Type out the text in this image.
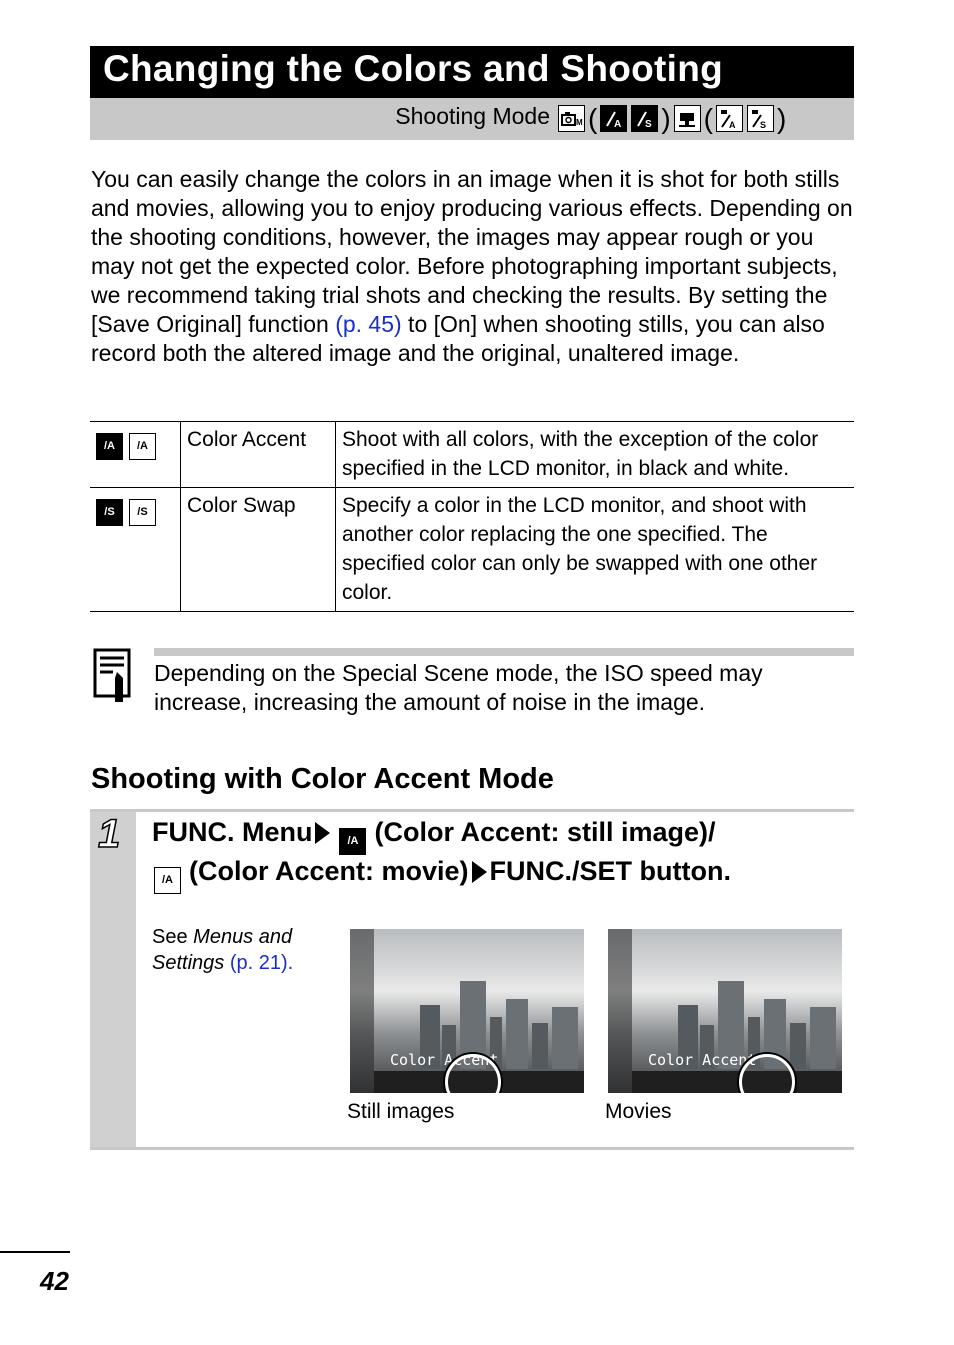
Changing the Colors and Shooting
Shooting Mode	M ( A S ) ( A	S )
You can easily change the colors in an image when it is shot for both stills and movies, allowing you to enjoy producing various effects. Depending on the shooting conditions, however, the images may appear rough or you may not get the expected color. Before photographing important subjects, we recommend taking trial shots and checking the results. By setting the [Save Original] function (p. 45) to [On] when shooting stills, you can also record both the altered image and the original, unaltered image.
/A /A	Color Accent	Shoot with all colors, with the exception of the color specified in the LCD monitor, in black and white.
/S /S	Color Swap	Specify a color in the LCD monitor, and shoot with another color replacing the one specified. The specified color can only be swapped with one other color.
Depending on the Special Scene mode, the ISO speed may increase, increasing the amount of noise in the image.
Shooting with Color Accent Mode
1 FUNC. Menu	/A (Color Accent: still image)/
/A (Color Accent: movie) FUNC./SET button.
See Menus and Settings (p. 21).
Color Accent	Color Accent
Still images	Movies
42
